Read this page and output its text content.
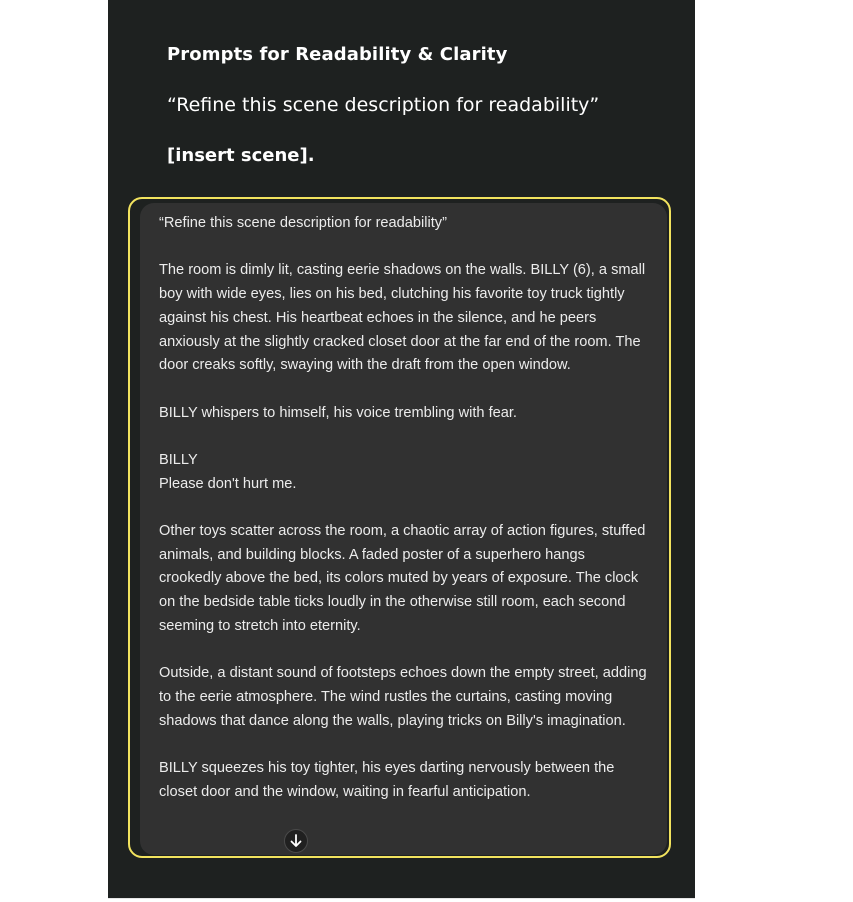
Prompts for Readability & Clarity
“Refine this scene description for readability”
[insert scene].

“Refine this scene description for readability”

The room is dimly lit, casting eerie shadows on the walls. BILLY (6), a small boy with wide eyes, lies on his bed, clutching his favorite toy truck tightly against his chest. His heartbeat echoes in the silence, and he peers anxiously at the slightly cracked closet door at the far end of the room. The door creaks softly, swaying with the draft from the open window.

BILLY whispers to himself, his voice trembling with fear.

BILLY

Please don't hurt me.

Other toys scatter across the room, a chaotic array of action figures, stuffed animals, and building blocks. A faded poster of a superhero hangs crookedly above the bed, its colors muted by years of exposure. The clock on the bedside table ticks loudly in the otherwise still room, each second seeming to stretch into eternity.

Outside, a distant sound of footsteps echoes down the empty street, adding to the eerie atmosphere. The wind rustles the curtains, casting moving shadows that dance along the walls, playing tricks on Billy's imagination.

BILLY squeezes his toy tighter, his eyes darting nervously between the closet door and the window, waiting in fearful anticipation.
